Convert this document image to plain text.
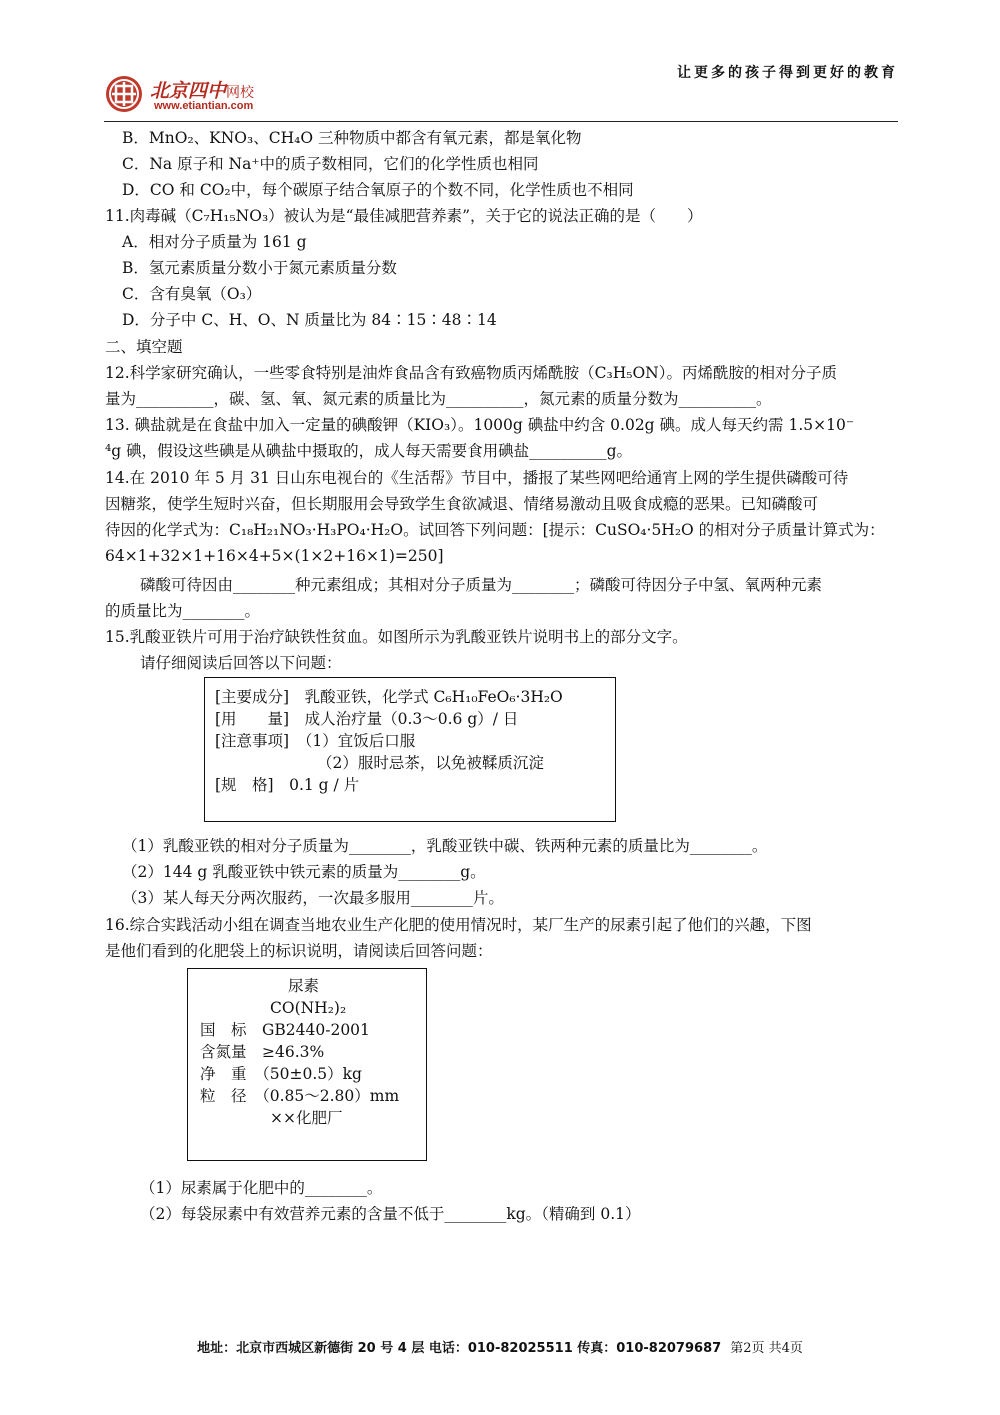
让更多的孩子得到更好的教育
北京四中网校
www.etiantian.com
B．MnO₂、KNO₃、CH₄O 三种物质中都含有氧元素，都是氧化物
C．Na 原子和 Na⁺中的质子数相同，它们的化学性质也相同
D．CO 和 CO₂中，每个碳原子结合氧原子的个数不同，化学性质也不相同
11.肉毒碱（C₇H₁₅NO₃）被认为是“最佳减肥营养素”，关于它的说法正确的是（　　）
A．相对分子质量为 161 g
B．氢元素质量分数小于氮元素质量分数
C．含有臭氧（O₃）
D．分子中 C、H、O、N 质量比为 84∶15∶48∶14
二、填空题
12.科学家研究确认，一些零食特别是油炸食品含有致癌物质丙烯酰胺（C₃H₅ON）。丙烯酰胺的相对分子质
量为__________，碳、氢、氧、氮元素的质量比为__________，氮元素的质量分数为__________。
13. 碘盐就是在食盐中加入一定量的碘酸钾（KIO₃）。1000g 碘盐中约含 0.02g 碘。成人每天约需 1.5×10⁻
⁴g 碘，假设这些碘是从碘盐中摄取的，成人每天需要食用碘盐__________g。
14.在 2010 年 5 月 31 日山东电视台的《生活帮》节目中，播报了某些网吧给通宵上网的学生提供磷酸可待
因糖浆，使学生短时兴奋，但长期服用会导致学生食欲减退、情绪易激动且吸食成瘾的恶果。已知磷酸可
待因的化学式为：C₁₈H₂₁NO₃·H₃PO₄·H₂O。试回答下列问题：[提示：CuSO₄·5H₂O 的相对分子质量计算式为：
64×1+32×1+16×4+5×(1×2+16×1)=250]
磷酸可待因由________种元素组成；其相对分子质量为________；磷酸可待因分子中氢、氧两种元素
的质量比为________。
15.乳酸亚铁片可用于治疗缺铁性贫血。如图所示为乳酸亚铁片说明书上的部分文字。
请仔细阅读后回答以下问题：
[主要成分]　乳酸亚铁，化学式 C₆H₁₀FeO₆·3H₂O
[用　　量]　成人治疗量（0.3～0.6 g）/ 日
[注意事项]　（1）宜饭后口服
（2）服时忌茶，以免被鞣质沉淀
[规　格]　0.1 g / 片
（1）乳酸亚铁的相对分子质量为________，乳酸亚铁中碳、铁两种元素的质量比为________。
（2）144 g 乳酸亚铁中铁元素的质量为________g。
（3）某人每天分两次服药，一次最多服用________片。
16.综合实践活动小组在调查当地农业生产化肥的使用情况时，某厂生产的尿素引起了他们的兴趣，下图
是他们看到的化肥袋上的标识说明，请阅读后回答问题：
尿素
CO(NH₂)₂
国　标　GB2440-2001
含氮量　≥46.3%
净　重　（50±0.5）kg
粒　径　（0.85～2.80）mm
××化肥厂
（1）尿素属于化肥中的________。
（2）每袋尿素中有效营养元素的含量不低于________kg。（精确到 0.1）
地址：北京市西城区新德街 20 号 4 层 电话：010-82025511 传真：010-82079687 第2页 共4页
